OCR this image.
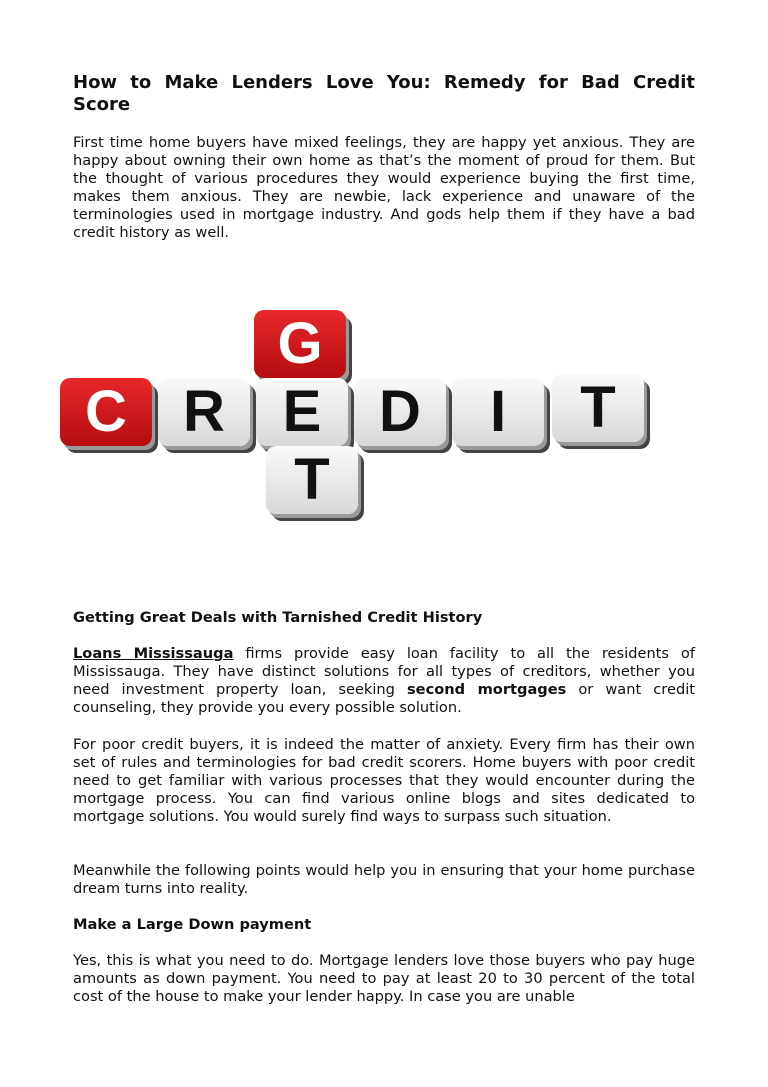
How to Make Lenders Love You: Remedy for Bad Credit Score

First time home buyers have mixed feelings, they are happy yet anxious. They are happy about owning their own home as that’s the moment of proud for them. But the thought of various procedures they would experience buying the first time, makes them anxious. They are newbie, lack experience and unaware of the terminologies used in mortgage industry. And gods help them if they have a bad credit history as well.

G
C R E D	I	T
T
Getting Great Deals with Tarnished Credit History

Loans Mississauga firms provide easy loan facility to all the residents of Mississauga. They have distinct solutions for all types of creditors, whether you need investment property loan, seeking second mortgages or want credit counseling, they provide you every possible solution.

For poor credit buyers, it is indeed the matter of anxiety. Every firm has their own set of rules and terminologies for bad credit scorers. Home buyers with poor credit need to get familiar with various processes that they would encounter during the mortgage process. You can find various online blogs and sites dedicated to mortgage solutions. You would surely find ways to surpass such situation.

Meanwhile the following points would help you in ensuring that your home purchase dream turns into reality.

Make a Large Down payment

Yes, this is what you need to do. Mortgage lenders love those buyers who pay huge amounts as down payment. You need to pay at least 20 to 30 percent of the total cost of the house to make your lender happy. In case you are unable
